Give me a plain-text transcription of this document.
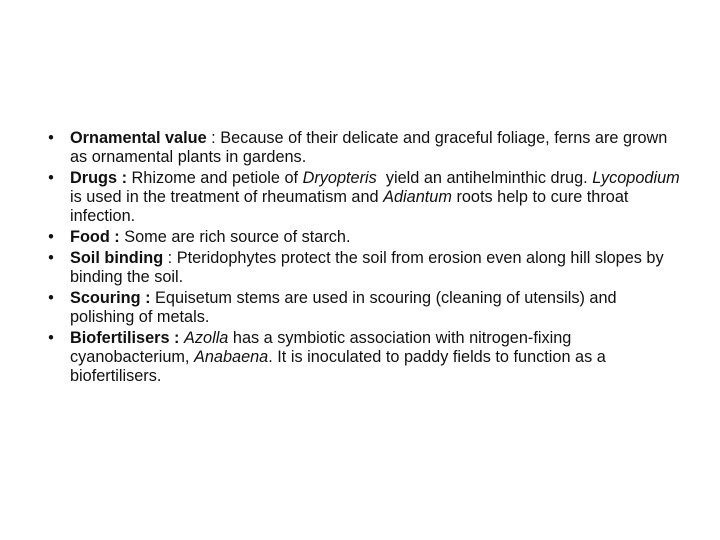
• Ornamental value : Because of their delicate and graceful foliage, ferns are grown as ornamental plants in gardens.
• Drugs : Rhizome and petiole of Dryopteris  yield an antihelminthic drug. Lycopodium is used in the treatment of rheumatism and Adiantum roots help to cure throat infection.
• Food : Some are rich source of starch.
• Soil binding : Pteridophytes protect the soil from erosion even along hill slopes by binding the soil.
• Scouring : Equisetum stems are used in scouring (cleaning of utensils) and polishing of metals.
• Biofertilisers : Azolla has a symbiotic association with nitrogen-fixing cyanobacterium, Anabaena. It is inoculated to paddy fields to function as a biofertilisers.
